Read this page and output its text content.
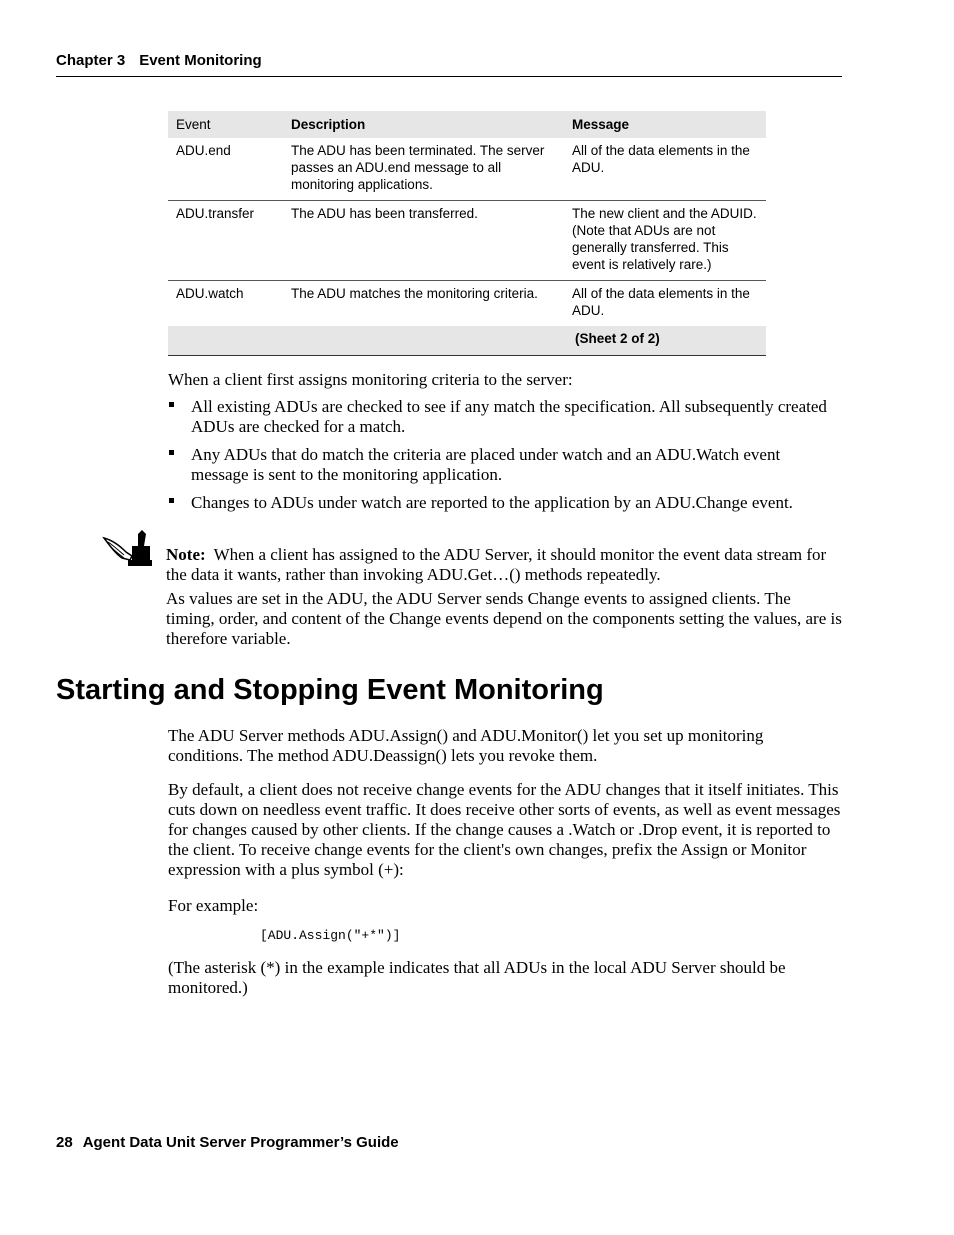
Chapter 3 Event Monitoring
Event	Description	Message
ADU.end	The ADU has been terminated. The server passes an ADU.end message to all monitoring applications.	All of the data elements in the ADU.
ADU.transfer	The ADU has been transferred.	The new client and the ADUID. (Note that ADUs are not generally transferred. This event is relatively rare.)
ADU.watch	The ADU matches the monitoring criteria.	All of the data elements in the ADU.
		(Sheet 2 of 2)

When a client first assigns monitoring criteria to the server:

All existing ADUs are checked to see if any match the specification. All subsequently created ADUs are checked for a match.
Any ADUs that do match the criteria are placed under watch and an ADU.Watch event message is sent to the monitoring application.
Changes to ADUs under watch are reported to the application by an ADU.Change event.

Note: When a client has assigned to the ADU Server, it should monitor the event data stream for the data it wants, rather than invoking ADU.Get…() methods repeatedly.

As values are set in the ADU, the ADU Server sends Change events to assigned clients. The timing, order, and content of the Change events depend on the components setting the values, are is therefore variable.

Starting and Stopping Event Monitoring

The ADU Server methods ADU.Assign() and ADU.Monitor() let you set up monitoring conditions. The method ADU.Deassign() lets you revoke them.

By default, a client does not receive change events for the ADU changes that it itself initiates. This cuts down on needless event traffic. It does receive other sorts of events, as well as event messages for changes caused by other clients. If the change causes a .Watch or .Drop event, it is reported to the client. To receive change events for the client's own changes, prefix the Assign or Monitor expression with a plus symbol (+):

For example:

[ADU.Assign("+*")]

(The asterisk (*) in the example indicates that all ADUs in the local ADU Server should be monitored.)

28 Agent Data Unit Server Programmer’s Guide
